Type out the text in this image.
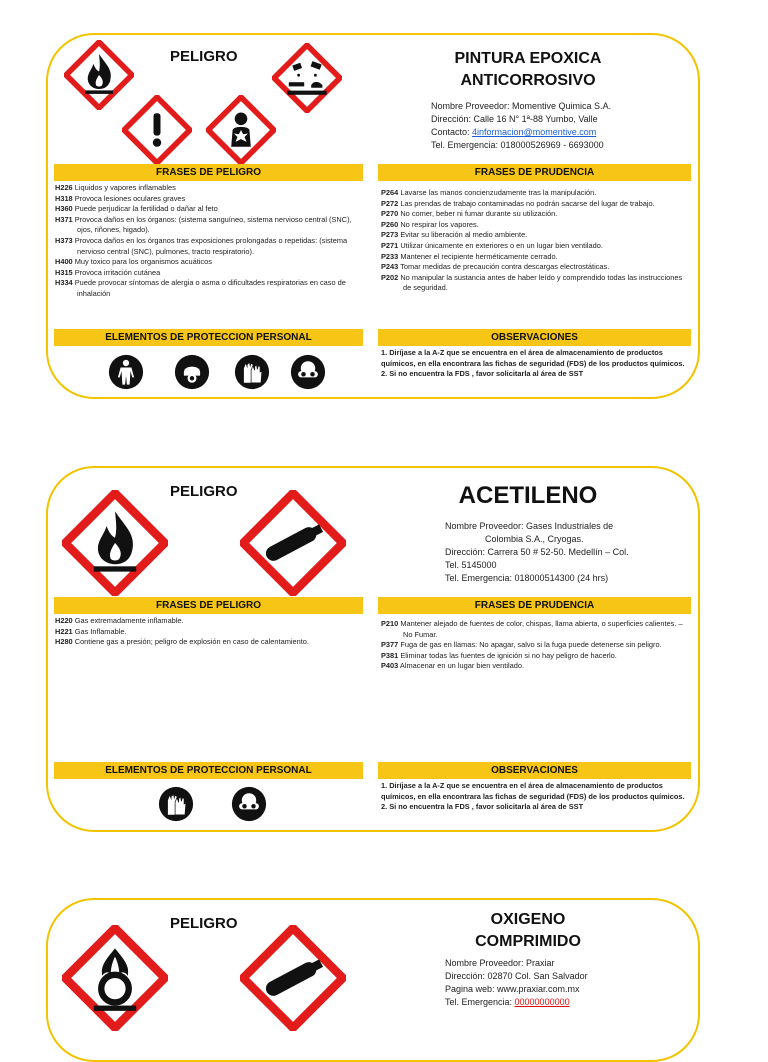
PELIGRO	PINTURA EPOXICA
ANTICORROSIVO
Nombre Proveedor: Momentive Quimica S.A.
Dirección: Calle 16 N° 1ª-88 Yumbo, Valle
Contacto: 4informacion@momentive.com
Tel. Emergencia: 018000526969 - 6693000
FRASES DE PELIGRO	FRASES DE PRUDENCIA
H226 Liquidos y vapores inflamables
H318 Provoca lesiones oculares graves
H360 Puede perjudicar la fertilidad o dañar al feto
H371 Provoca daños en los órganos: (sistema sanguíneo, sistema nervioso central (SNC), ojos, riñones, higado).
H373 Provoca daños en los órganos tras exposiciones prolongadas o repetidas: (sistema nervioso central (SNC), pulmones, tracto respiratorio).
H400 Muy toxico para los organismos acuáticos
H315 Provoca irritación cutánea
H334 Puede provocar síntomas de alergia o asma o dificultades respiratorias en caso de inhalación
P264 Lavarse las manos concienzudamente tras la manipulación.
P272 Las prendas de trabajo contaminadas no podrán sacarse del lugar de trabajo.
P270 No comer, beber ni fumar durante su utilización.
P260 No respirar los vapores.
P273 Evitar su liberación al medio ambiente.
P271 Utilizar únicamente en exteriores o en un lugar bien ventilado.
P233 Mantener el recipiente herméticamente cerrado.
P243 Tomar medidas de precaución contra descargas electrostáticas.
P202 No manipular la sustancia antes de haber leído y comprendido todas las instrucciones de seguridad.
ELEMENTOS DE PROTECCION PERSONAL	OBSERVACIONES
1. Diríjase a la A-Z que se encuentra en el área de almacenamiento de productos químicos, en ella encontrara las fichas de seguridad (FDS) de los productos químicos.
2. Si no encuentra la FDS , favor solicitarla al área de SST
PELIGRO	ACETILENO
Nombre Proveedor: Gases Industriales de
Colombia S.A., Cryogas.
Dirección: Carrera 50 # 52-50. Medellín – Col.
Tel. 5145000
Tel. Emergencia: 018000514300 (24 hrs)
FRASES DE PELIGRO	FRASES DE PRUDENCIA
H220 Gas extremadamente inflamable.
H221 Gas Inflamable.
H280 Contiene gas a presión; peligro de explosión en caso de calentamiento.
P210 Mantener alejado de fuentes de color, chispas, llama abierta, o superficies calientes. – No Fumar.
P377 Fuga de gas en llamas: No apagar, salvo si la fuga puede detenerse sin peligro.
P381 Eliminar todas las fuentes de ignición si no hay peligro de hacerlo.
P403 Almacenar en un lugar bien ventilado.
ELEMENTOS DE PROTECCION PERSONAL	OBSERVACIONES
1. Diríjase a la A-Z que se encuentra en el área de almacenamiento de productos químicos, en ella encontrara las fichas de seguridad (FDS) de los productos químicos.
2. Si no encuentra la FDS , favor solicitarla al área de SST
PELIGRO	OXIGENO
COMPRIMIDO
Nombre Proveedor: Praxiar
Dirección: 02870 Col. San Salvador
Pagina web: www.praxiar.com.mx
Tel. Emergencia: 00000000000
